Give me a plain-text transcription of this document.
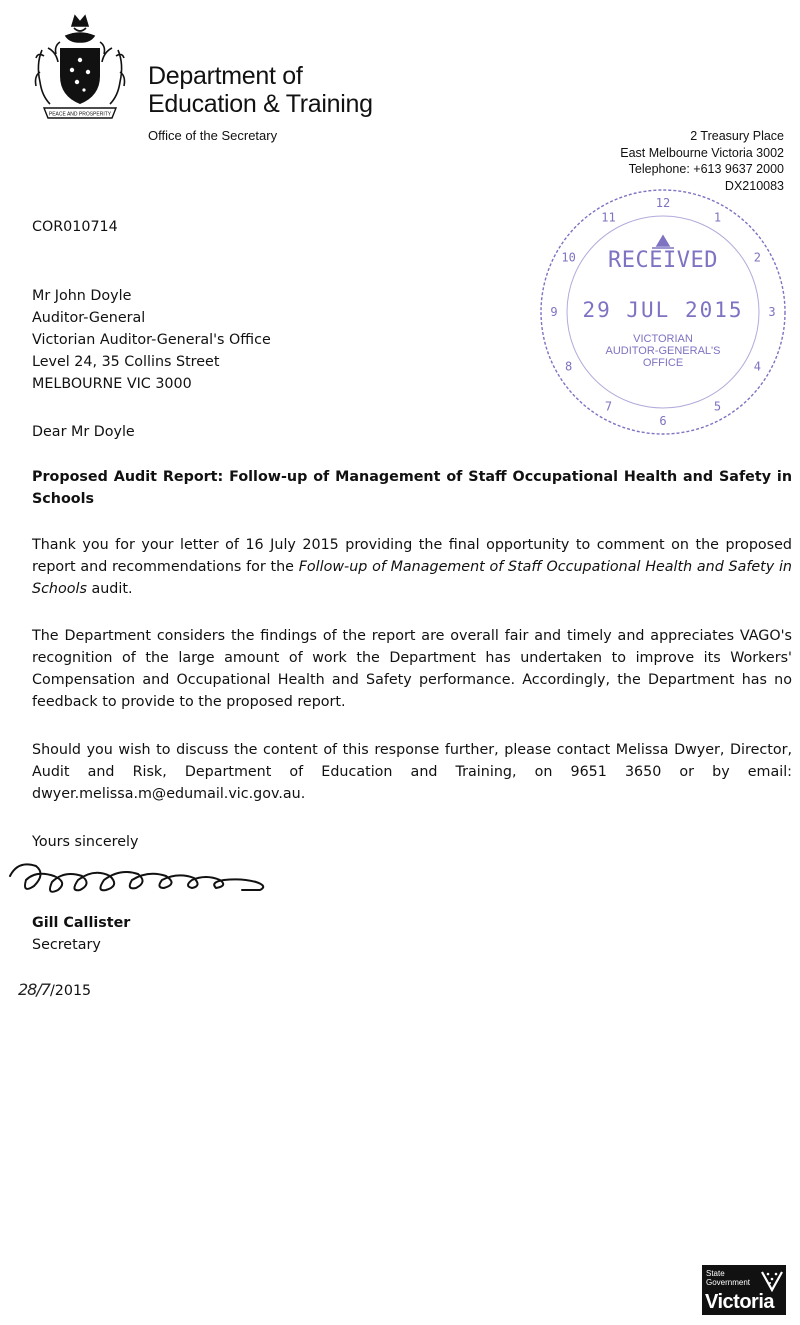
PEACE AND PROSPERITY
Department of
Education & Training
Office of the Secretary	2 Treasury Place
East Melbourne Victoria 3002
Telephone: +613 9637 2000
DX210083
1
2
3
4
5
6
7
8
9
10
11
12
RECEIVED
29 JUL 2015
VICTORIAN
AUDITOR-GENERAL'S
OFFICE
COR010714
Mr John Doyle
Auditor-General
Victorian Auditor-General's Office
Level 24, 35 Collins Street
MELBOURNE VIC 3000
Dear Mr Doyle
Proposed Audit Report: Follow-up of Management of Staff Occupational Health and Safety in Schools
Thank you for your letter of 16 July 2015 providing the final opportunity to comment on the proposed report and recommendations for the Follow-up of Management of Staff Occupational Health and Safety in Schools audit.
The Department considers the findings of the report are overall fair and timely and appreciates VAGO's recognition of the large amount of work the Department has undertaken to improve its Workers' Compensation and Occupational Health and Safety performance. Accordingly, the Department has no feedback to provide to the proposed report.
Should you wish to discuss the content of this response further, please contact Melissa Dwyer, Director, Audit and Risk, Department of Education and Training, on 9651 3650 or by email: dwyer.melissa.m@edumail.vic.gov.au.
Yours sincerely
Gill Callister
Secretary
28/7 /2015
State
Government
Victoria
